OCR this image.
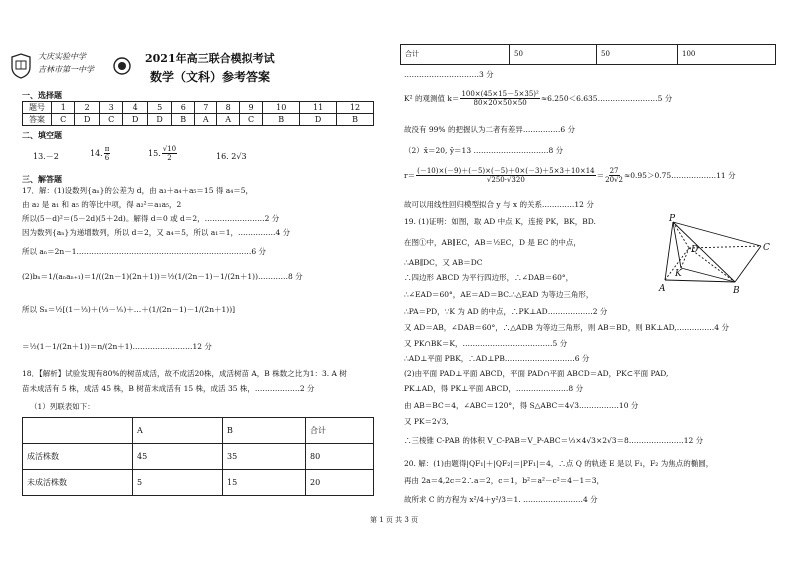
大庆实验中学
吉林市第一中学
2021年高三联合模拟考试
数学（文科）参考答案
一、选择题
题号	1	2	3	4	5	6	7	8	9	10	11	12
答案	C	D	C	D	D	B	A	A	C	B	D	B
二、填空题
13.－2	14. $\frac{\pi}{6}$	15. $\frac{√10}{2}$	16. 2√3
三、解答题
17．解：(1)设数列{aₙ}的公差为 d，由 a₃＋a₄＋a₅＝15 得 a₄＝5，
由 a₂ 是 a₁ 和 a₅ 的等比中项，得 a₂²＝a₁a₅，2
所以(5－d)²＝(5－2d)(5＋2d)。解得 d＝0 或 d＝2，……………………2 分
因为数列{aₙ}为递增数列，所以 d＝2，又 a₄＝5，所以 a₁＝1，……………4 分
所以 aₙ＝2n－1.……………………………………………………………6 分
(2)bₙ＝1/(aₙaₙ₊₁)＝1/((2n－1)(2n＋1))＝½(1/(2n－1)－1/(2n＋1))…………8 分
所以 Sₙ＝½[(1－⅓)＋(⅓－⅕)＋…＋(1/(2n－1)－1/(2n＋1))]
＝½(1－1/(2n＋1))＝n/(2n＋1)……………………12 分
18．【解析】试验发现有80%的树苗成活，故不成活20株，成活树苗 A，B 株数之比为1：3. A 树
苗未成活有 5 株，成活 45 株，B 树苗未成活有 15 株，成活 35 株，………………2 分
（1）列联表如下：
	A	B	合计
成活株数	45	35	80
未成活株数	5	15	20
合计	50	50	100
…………………………3 分
K² 的观测值 $k= \frac{\text{100×(45×15－5×35)²}}{80\times 20\times 50\times 50}$ ≈6.250＜6.635……………………5 分
故没有 99% 的把握认为二者有差异……………6 分
（2）x̄＝20, ȳ＝13 …………………………8 分
$r= \frac{(-10)\times(-9)+(-5)\times(-5)+0\times(-3)+5\times 3+10\times 14}{√250\cdot√320} = \frac{27}{20√2}$ ≈0.95＞0.75………………11 分
故可以用线性回归模型拟合 y 与 x 的关系.…………12 分
19. (1)证明：如图，取 AD 中点 K，连接 PK，BK，BD.
在图①中，AB∥EC，AB＝½EC，D 是 EC 的中点，
∴AB∥DC，又 AB＝DC
∴四边形 ABCD 为平行四边形，∴∠DAB＝60°，
∴∠EAD＝60°，AE＝AD＝BC.∴△EAD 为等边三角形，
∴PA＝PD，∵K 为 AD 的中点，∴PK⊥AD………………2 分
又 AD＝AB，∠DAB＝60°，∴△ADB 为等边三角形，则 AB＝BD，则 BK⊥AD,……………4 分
又 PK∩BK＝K，………………………………5 分
∴AD⊥平面 PBK，∴AD⊥PB.………………………6 分
(2)由平面 PAD⊥平面 ABCD，平面 PAD∩平面 ABCD＝AD，PK⊂平面 PAD,
PK⊥AD，得 PK⊥平面 ABCD，…………………8 分
由 AB＝BC＝4，∠ABC＝120°，得 S△ABC＝4√3.……………10 分
又 PK＝2√3,
∴三棱锥 C-PAB 的体积 V_C-PAB＝V_P-ABC＝⅓×4√3×2√3＝8.…………………12 分
20. 解：(1)由题得|QF₁|＋|QF₂|＝|PF₁|＝4，∴点 Q 的轨迹 E 是以 F₁，F₂ 为焦点的椭圆，
再由 2a＝4,2c＝2∴a＝2，c＝1，b²＝a²－c²＝4－1＝3，
故所求 C 的方程为 x²/4＋y²/3＝1. ……………………4 分
P
C
D
K
A	B
第 1 页 共 3 页
